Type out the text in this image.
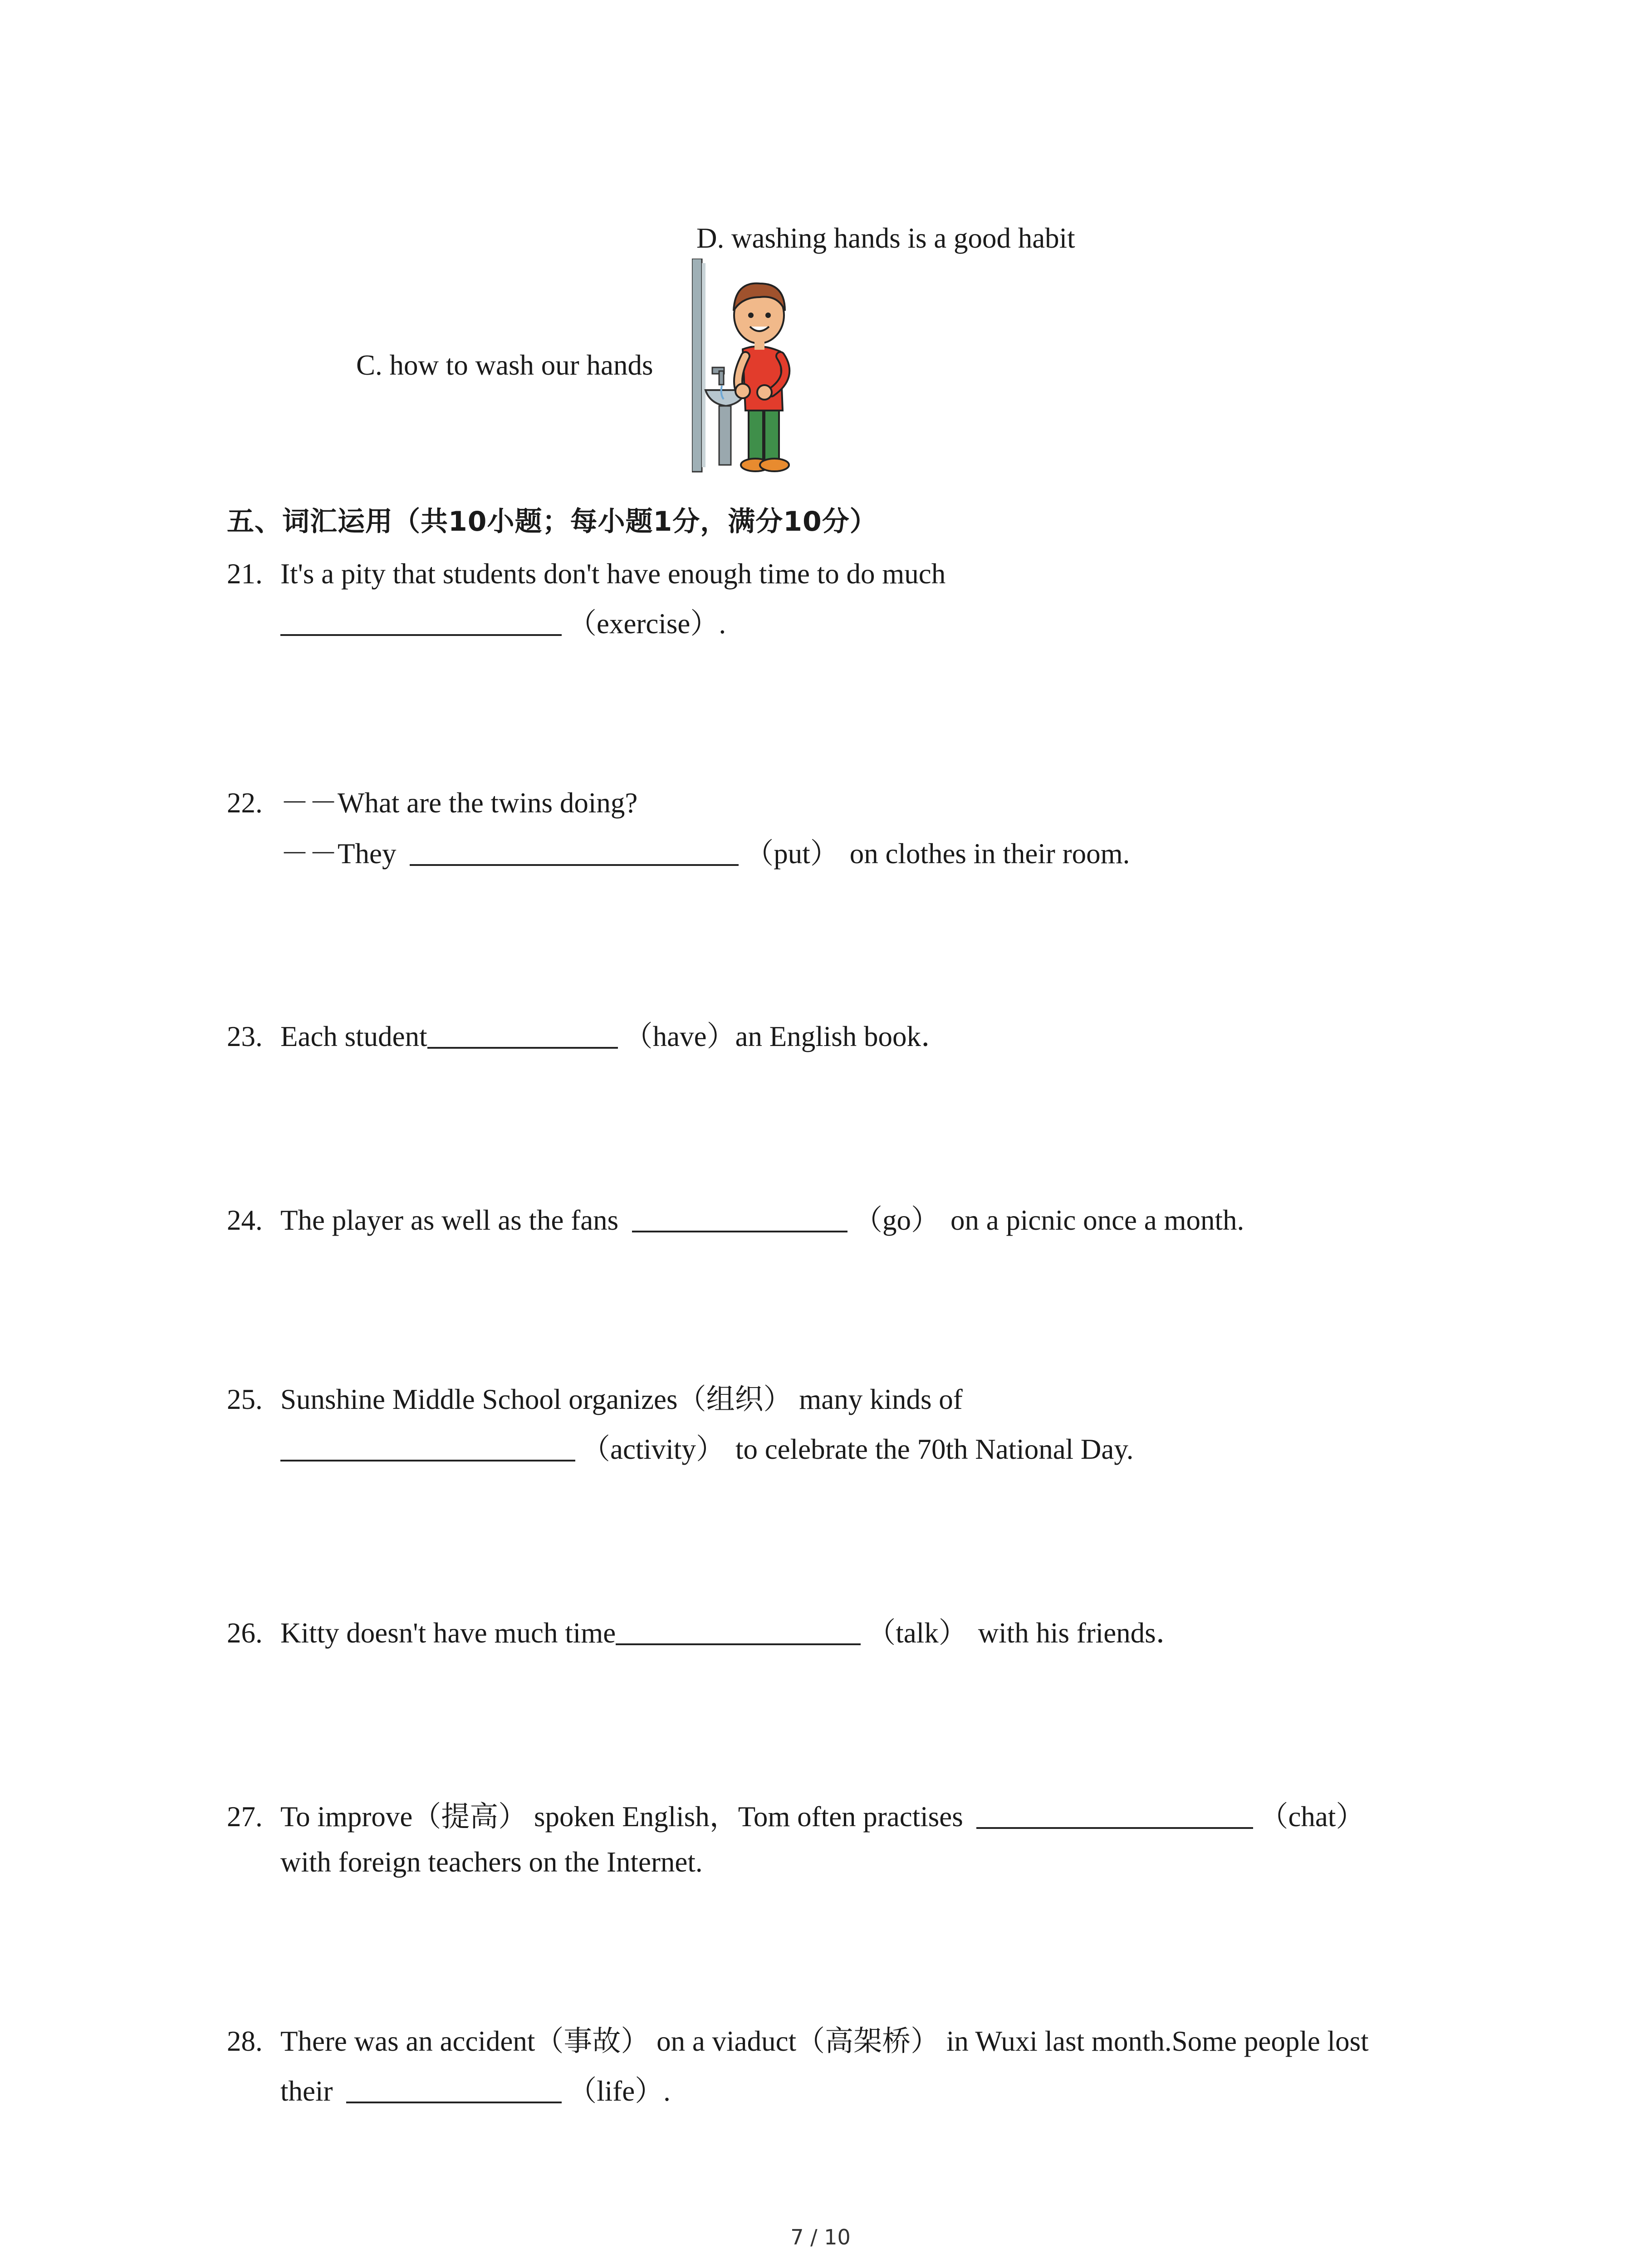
D. washing hands is a good habit
C. how to wash our hands
五、词汇运用（共10小题；每小题1分，满分10分）
21. It's a pity that students don't have enough time to do much
（exercise）.
22. －－What are the twins doing?
－－They	（put） on clothes in their room.
23. Each student	（have）an English book．
24. The player as well as the fans	（go） on a picnic once a month.
25. Sunshine Middle School organizes（组织） many kinds of
（activity） to celebrate the 70th National Day.
26. Kitty doesn't have much time	（talk） with his friends．
27. To improve（提高） spoken English，Tom often practises	（chat）
with foreign teachers on the Internet.
28. There was an accident（事故） on a viaduct（高架桥） in Wuxi last month.Some people lost
their	（life）.
7 / 10
